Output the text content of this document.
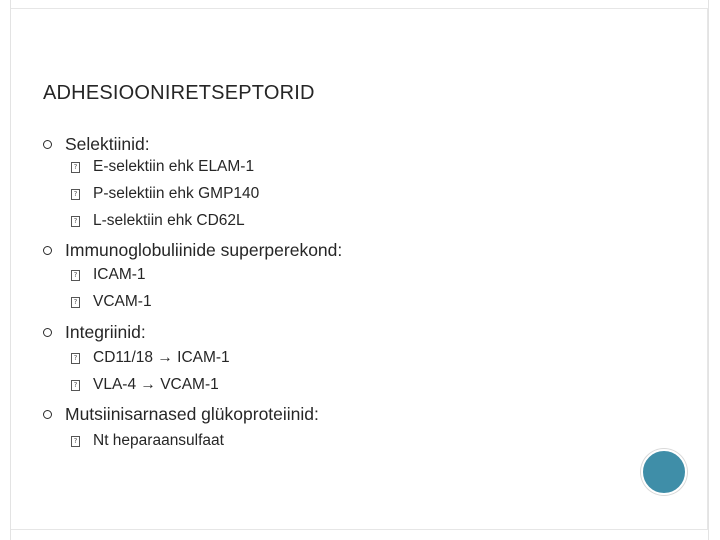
ADHESIOONIRETSEPTORID
Selektiinid:
? E-selektiin ehk ELAM-1
? P-selektiin ehk GMP140
? L-selektiin ehk CD62L
Immunoglobuliinide superperekond:
? ICAM-1
? VCAM-1
Integriinid:
? CD11/18 → ICAM-1
? VLA-4 → VCAM-1
Mutsiinisarnased glükoproteiinid:
? Nt heparaansulfaat
